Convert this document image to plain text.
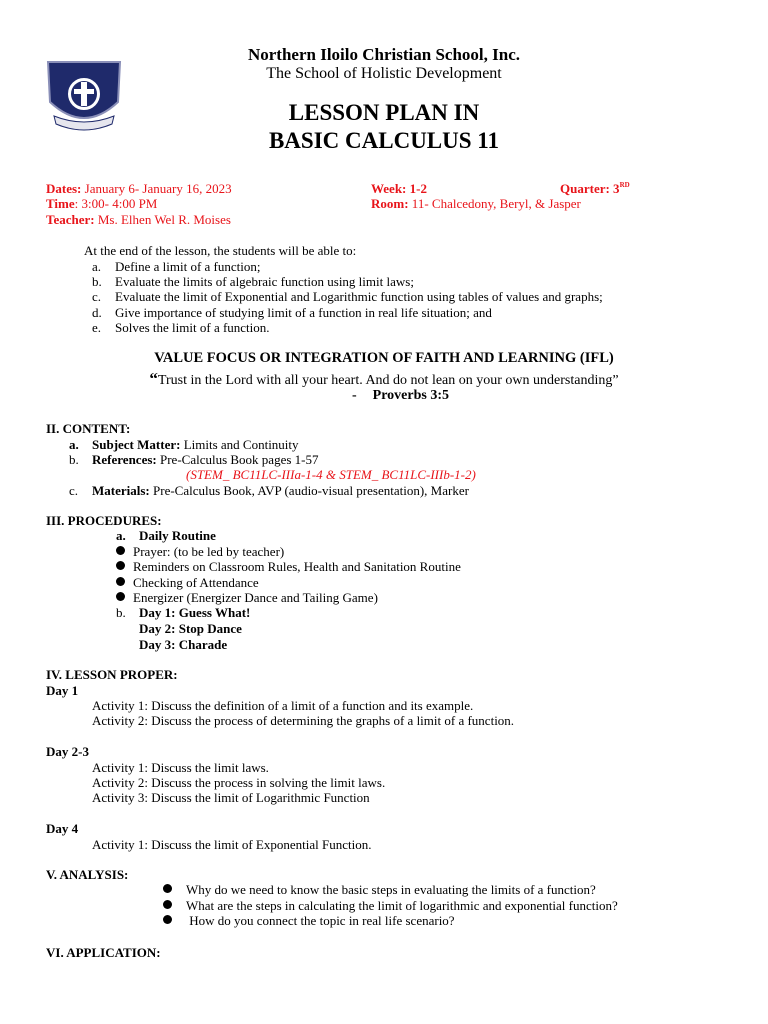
Northern Iloilo Christian School, Inc.
The School of Holistic Development
LESSON PLAN IN
BASIC CALCULUS 11
Dates: January 6- January 16, 2023
Time: 3:00- 4:00 PM
Teacher: Ms. Elhen Wel R. Moises
Week: 1-2	Quarter: 3RD
Room: 11- Chalcedony, Beryl, & Jasper
At the end of the lesson, the students will be able to:
a. Define a limit of a function;
b. Evaluate the limits of algebraic function using limit laws;
c. Evaluate the limit of Exponential and Logarithmic function using tables of values and graphs;
d. Give importance of studying limit of a function in real life situation; and
e. Solves the limit of a function.
VALUE FOCUS OR INTEGRATION OF FAITH AND LEARNING (IFL)
“Trust in the Lord with all your heart. And do not lean on your own understanding”
- Proverbs 3:5
II. CONTENT:
a. Subject Matter: Limits and Continuity
b. References: Pre-Calculus Book pages 1-57
(STEM_ BC11LC-IIIa-1-4 & STEM_ BC11LC-IIIb-1-2)
c. Materials: Pre-Calculus Book, AVP (audio-visual presentation), Marker
III. PROCEDURES:
a. Daily Routine
Prayer: (to be led by teacher)
Reminders on Classroom Rules, Health and Sanitation Routine
Checking of Attendance
Energizer (Energizer Dance and Tailing Game)
b. Day 1: Guess What!
Day 2: Stop Dance
Day 3: Charade
IV. LESSON PROPER:
Day 1
Activity 1: Discuss the definition of a limit of a function and its example.
Activity 2: Discuss the process of determining the graphs of a limit of a function.
Day 2-3
Activity 1: Discuss the limit laws.
Activity 2: Discuss the process in solving the limit laws.
Activity 3: Discuss the limit of Logarithmic Function
Day 4
Activity 1: Discuss the limit of Exponential Function.
V. ANALYSIS:
Why do we need to know the basic steps in evaluating the limits of a function?
What are the steps in calculating the limit of logarithmic and exponential function?
How do you connect the topic in real life scenario?
VI. APPLICATION:
